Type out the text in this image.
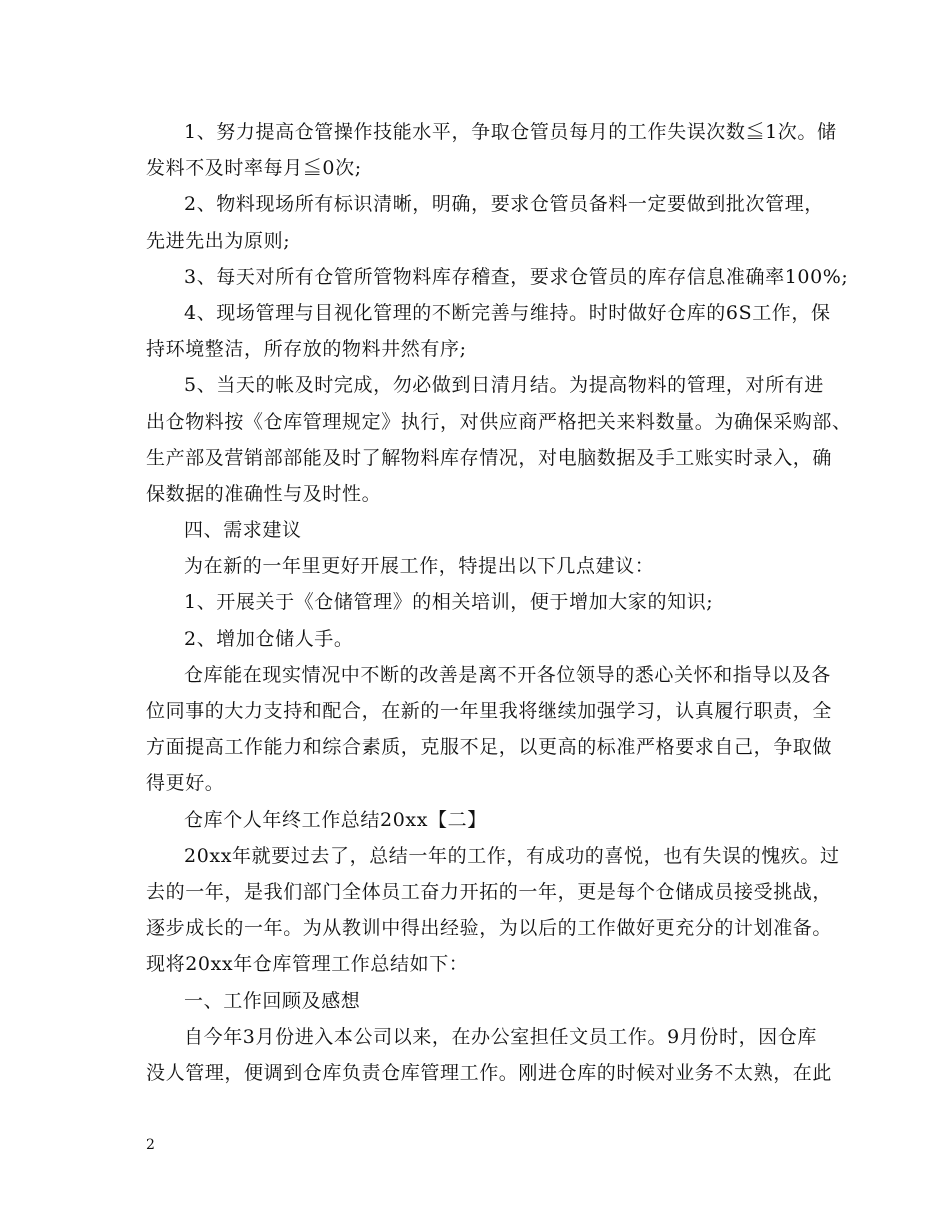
1、努力提高仓管操作技能水平，争取仓管员每月的工作失误次数≦1次。储
发料不及时率每月≦0次;
2、物料现场所有标识清晰，明确，要求仓管员备料一定要做到批次管理，
先进先出为原则;
3、每天对所有仓管所管物料库存稽查，要求仓管员的库存信息准确率100%;
4、现场管理与目视化管理的不断完善与维持。时时做好仓库的6S工作，保
持环境整洁，所存放的物料井然有序;
5、当天的帐及时完成，勿必做到日清月结。为提高物料的管理，对所有进
出仓物料按《仓库管理规定》执行，对供应商严格把关来料数量。为确保采购部、
生产部及营销部部能及时了解物料库存情况，对电脑数据及手工账实时录入，确
保数据的准确性与及时性。
四、需求建议
为在新的一年里更好开展工作，特提出以下几点建议：
1、开展关于《仓储管理》的相关培训，便于增加大家的知识;
2、增加仓储人手。
仓库能在现实情况中不断的改善是离不开各位领导的悉心关怀和指导以及各
位同事的大力支持和配合，在新的一年里我将继续加强学习，认真履行职责，全
方面提高工作能力和综合素质，克服不足，以更高的标准严格要求自己，争取做
得更好。
仓库个人年终工作总结20xx【二】
20xx年就要过去了，总结一年的工作，有成功的喜悦，也有失误的愧疚。过
去的一年，是我们部门全体员工奋力开拓的一年，更是每个仓储成员接受挑战，
逐步成长的一年。为从教训中得出经验，为以后的工作做好更充分的计划准备。
现将20xx年仓库管理工作总结如下：
一、工作回顾及感想
自今年3月份进入本公司以来，在办公室担任文员工作。9月份时，因仓库
没人管理，便调到仓库负责仓库管理工作。刚进仓库的时候对业务不太熟，在此
2
